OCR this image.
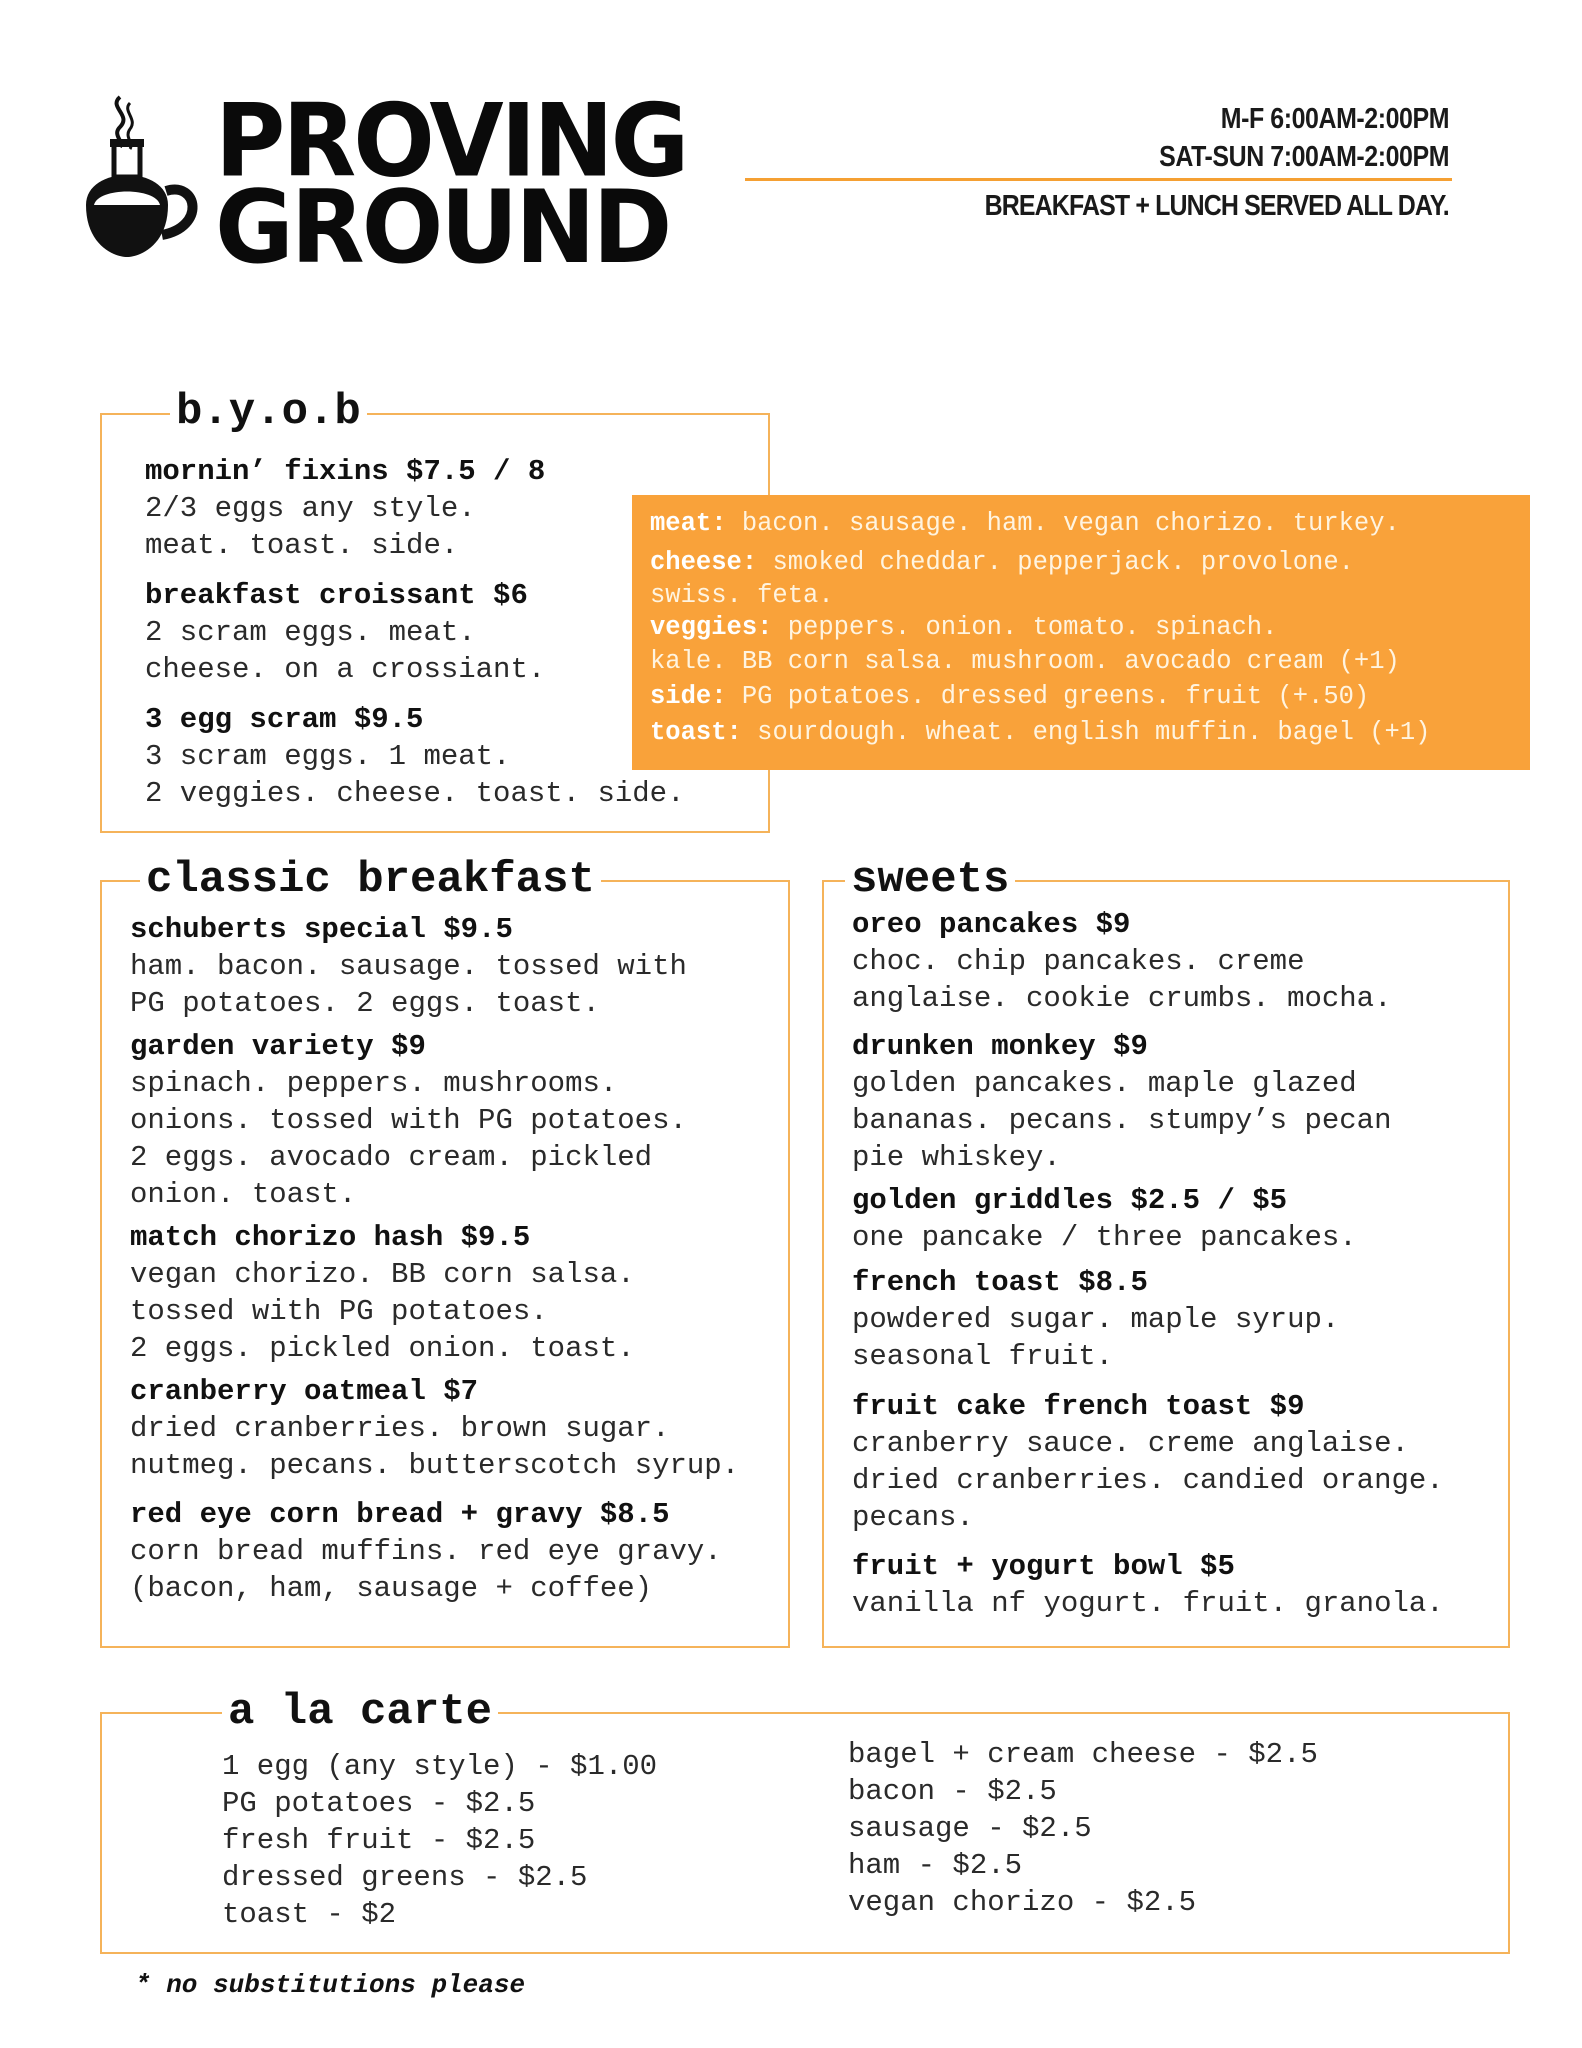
PROVING
GROUND
M-F 6:00AM-2:00PM
SAT-SUN 7:00AM-2:00PM
BREAKFAST + LUNCH SERVED ALL DAY.
b.y.o.b
mornin’ fixins $7.5 / 8
2/3 eggs any style.
meat. toast. side.
breakfast croissant $6
2 scram eggs. meat.
cheese. on a crossiant.
3 egg scram $9.5
3 scram eggs. 1 meat.
2 veggies. cheese. toast. side.
meat: bacon. sausage. ham. vegan chorizo. turkey.
cheese: smoked cheddar. pepperjack. provolone.
swiss. feta.
veggies: peppers. onion. tomato. spinach.
kale. BB corn salsa. mushroom. avocado cream (+1)
side: PG potatoes. dressed greens. fruit (+.50)
toast: sourdough. wheat. english muffin. bagel (+1)
classic breakfast
schuberts special $9.5
ham. bacon. sausage. tossed with
PG potatoes. 2 eggs. toast.
garden variety $9
spinach. peppers. mushrooms.
onions. tossed with PG potatoes.
2 eggs. avocado cream. pickled
onion. toast.
match chorizo hash $9.5
vegan chorizo. BB corn salsa.
tossed with PG potatoes.
2 eggs. pickled onion. toast.
cranberry oatmeal $7
dried cranberries. brown sugar.
nutmeg. pecans. butterscotch syrup.
red eye corn bread + gravy $8.5
corn bread muffins. red eye gravy.
(bacon, ham, sausage + coffee)
sweets
oreo pancakes $9
choc. chip pancakes. creme
anglaise. cookie crumbs. mocha.
drunken monkey $9
golden pancakes. maple glazed
bananas. pecans. stumpy’s pecan
pie whiskey.
golden griddles $2.5 / $5
one pancake / three pancakes.
french toast $8.5
powdered sugar. maple syrup.
seasonal fruit.
fruit cake french toast $9
cranberry sauce. creme anglaise.
dried cranberries. candied orange.
pecans.
fruit + yogurt bowl $5
vanilla nf yogurt. fruit. granola.
a la carte
1 egg (any style) - $1.00
PG potatoes - $2.5
fresh fruit - $2.5
dressed greens - $2.5
toast - $2
bagel + cream cheese - $2.5
bacon - $2.5
sausage - $2.5
ham - $2.5
vegan chorizo - $2.5
* no substitutions please
